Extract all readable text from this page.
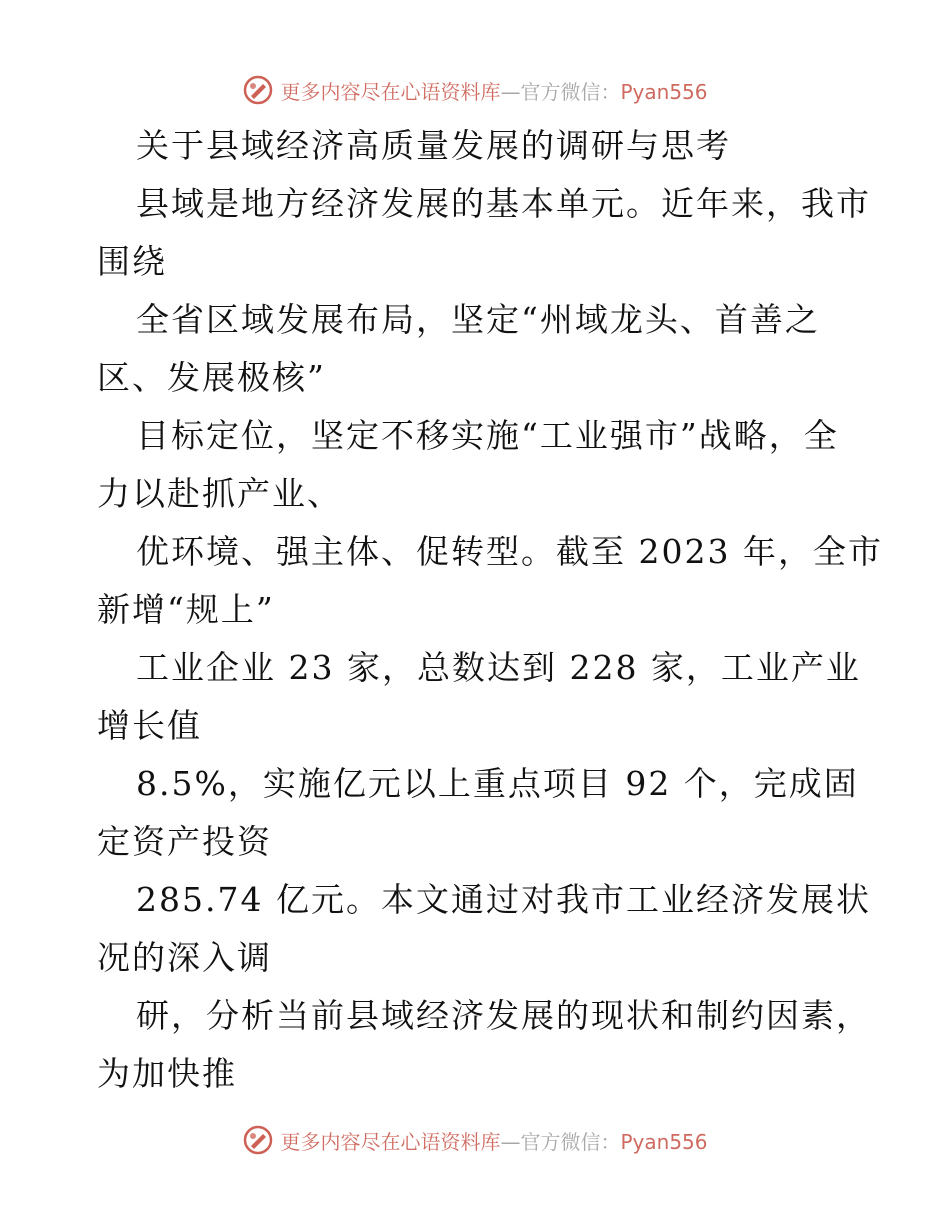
更多内容尽在心语资料库—官方微信：Pyan556
关于县域经济高质量发展的调研与思考
县域是地方经济发展的基本单元。近年来，我市
围绕
全省区域发展布局，坚定“州域龙头、首善之
区、发展极核”
目标定位，坚定不移实施“工业强市”战略，全
力以赴抓产业、
优环境、强主体、促转型。截至 2023 年，全市
新增“规上”
工业企业 23 家，总数达到 228 家，工业产业
增长值
8.5%，实施亿元以上重点项目 92 个，完成固
定资产投资
285.74 亿元。本文通过对我市工业经济发展状
况的深入调
研，分析当前县域经济发展的现状和制约因素，
为加快推
更多内容尽在心语资料库—官方微信：Pyan556
